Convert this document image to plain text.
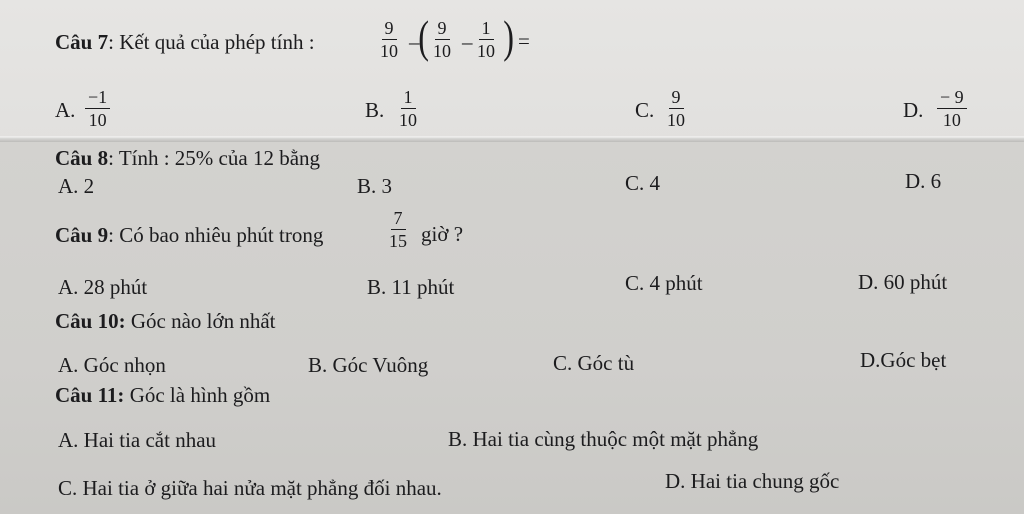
Câu 7: Kết quả của phép tính :	$\frac{9}{10}$ –
( $\frac{9}{10} - \frac{1}{10}$ ) =
A. $\frac{-1}{10}$	B. $\frac{1}{10}$	C. $\frac{9}{10}$	D. $\frac{- 9}{10}$
Câu 8: Tính : 25% của 12 bằng
A. 2	B. 3	C. 4	D. 6
Câu 9: Có bao nhiêu phút trong	$\frac{7}{15}$ giờ ?
A. 28 phút	B. 11 phút	C. 4 phút	D. 60 phút
Câu 10: Góc nào lớn nhất
A. Góc nhọn	B. Góc Vuông	C. Góc tù	D.Góc bẹt
Câu 11: Góc là hình gồm
A. Hai tia cắt nhau	B. Hai tia cùng thuộc một mặt phẳng
C. Hai tia ở giữa hai nửa mặt phẳng đối nhau.	D. Hai tia chung gốc
